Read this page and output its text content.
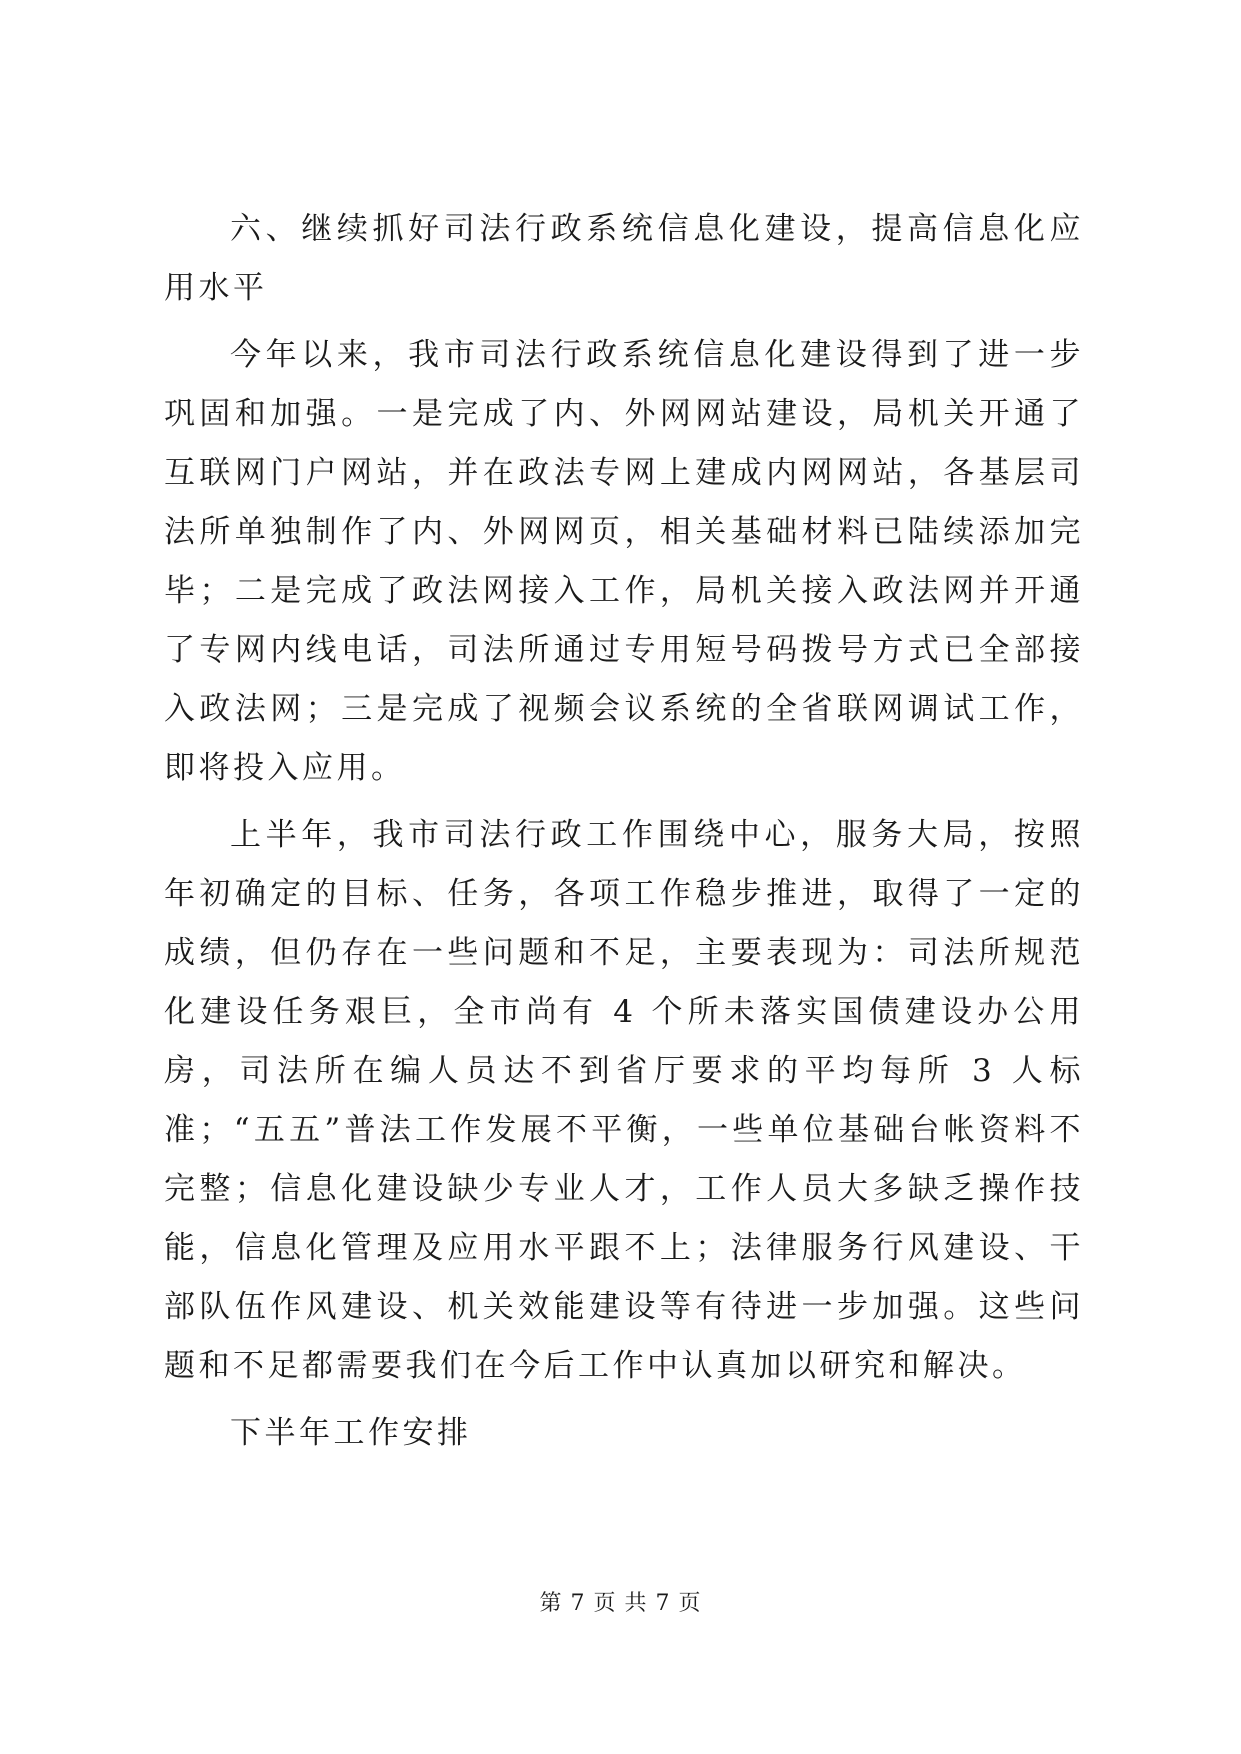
六、继续抓好司法行政系统信息化建设，提高信息化应用水平

今年以来，我市司法行政系统信息化建设得到了进一步巩固和加强。一是完成了内、外网网站建设，局机关开通了互联网门户网站，并在政法专网上建成内网网站，各基层司法所单独制作了内、外网网页，相关基础材料已陆续添加完毕；二是完成了政法网接入工作，局机关接入政法网并开通了专网内线电话，司法所通过专用短号码拨号方式已全部接入政法网；三是完成了视频会议系统的全省联网调试工作，即将投入应用。

上半年，我市司法行政工作围绕中心，服务大局，按照年初确定的目标、任务，各项工作稳步推进，取得了一定的成绩，但仍存在一些问题和不足，主要表现为：司法所规范化建设任务艰巨，全市尚有 4 个所未落实国债建设办公用房，司法所在编人员达不到省厅要求的平均每所 3 人标准；“五五”普法工作发展不平衡，一些单位基础台帐资料不完整；信息化建设缺少专业人才，工作人员大多缺乏操作技能，信息化管理及应用水平跟不上；法律服务行风建设、干部队伍作风建设、机关效能建设等有待进一步加强。这些问题和不足都需要我们在今后工作中认真加以研究和解决。

下半年工作安排

第 7 页 共 7 页
